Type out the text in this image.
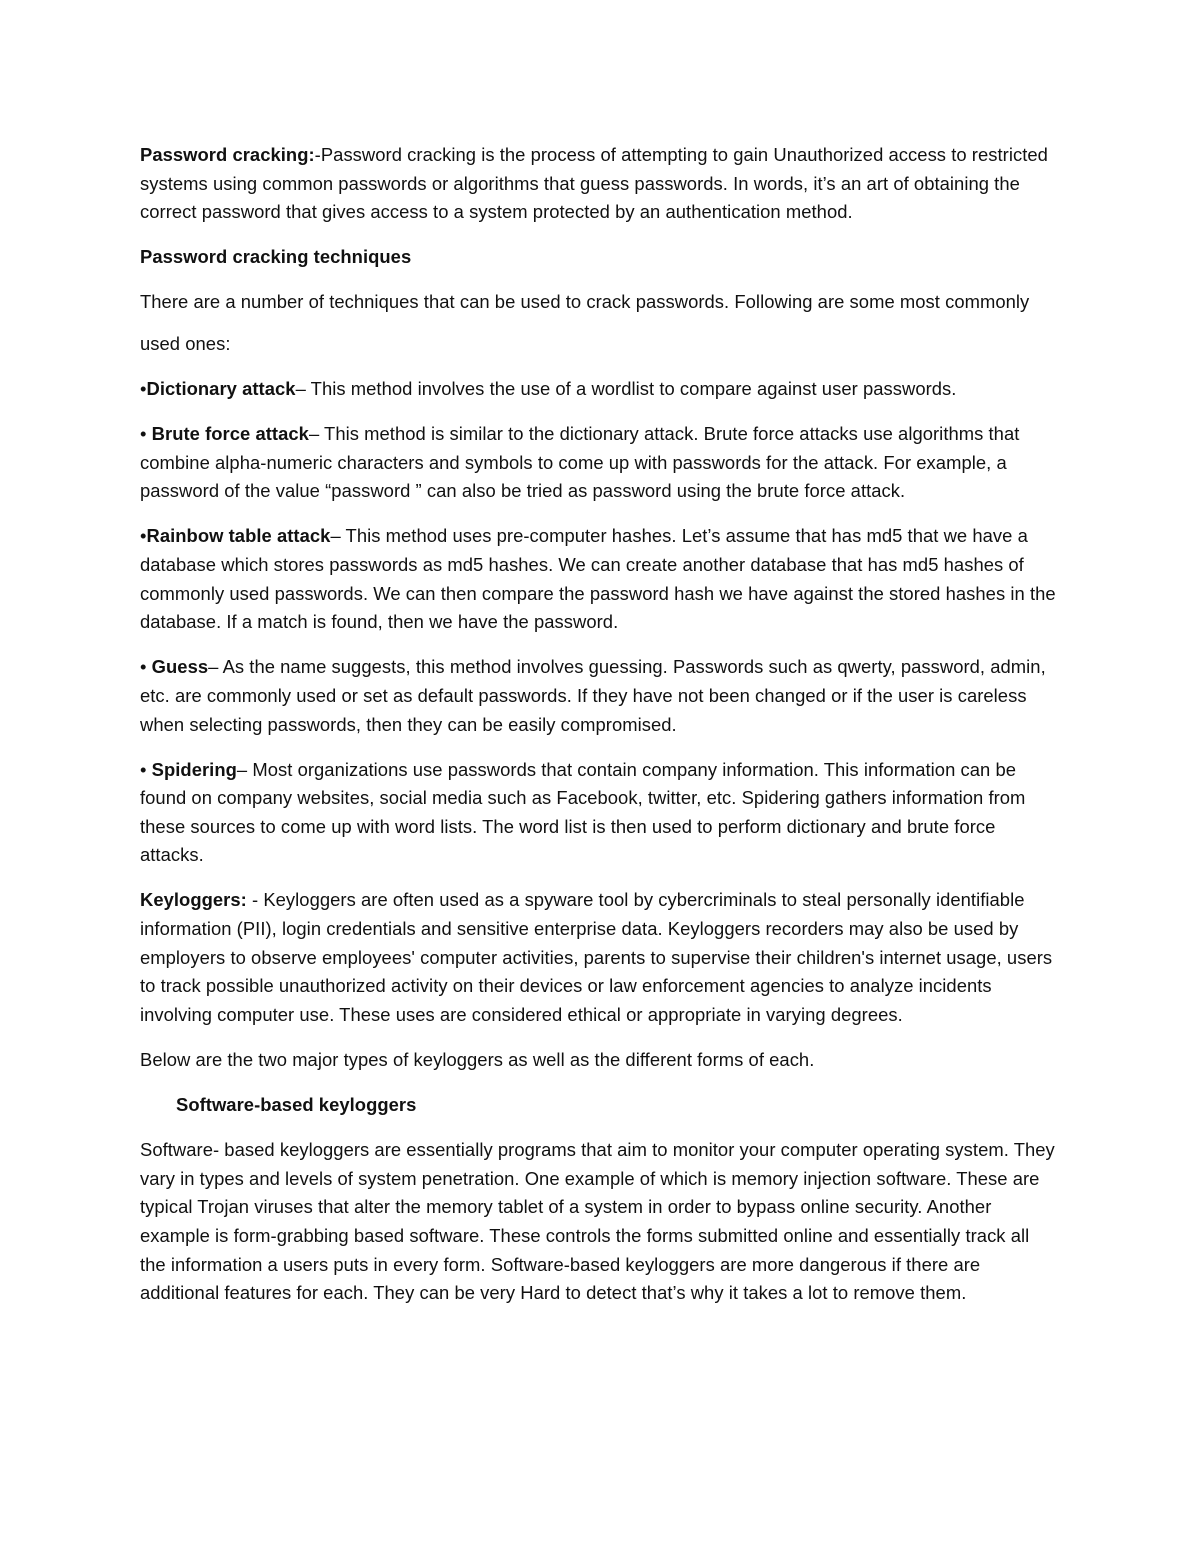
Password cracking:-Password cracking is the process of attempting to gain Unauthorized access to restricted systems using common passwords or algorithms that guess passwords. In words, it’s an art of obtaining the correct password that gives access to a system protected by an authentication method.

Password cracking techniques

There are a number of techniques that can be used to crack passwords. Following are some most commonly

used ones:

•Dictionary attack– This method involves the use of a wordlist to compare against user passwords.

• Brute force attack– This method is similar to the dictionary attack. Brute force attacks use algorithms that combine alpha-numeric characters and symbols to come up with passwords for the attack. For example, a password of the value “password ” can also be tried as password using the brute force attack.

•Rainbow table attack– This method uses pre-computer hashes. Let’s assume that has md5 that we have a database which stores passwords as md5 hashes. We can create another database that has md5 hashes of commonly used passwords. We can then compare the password hash we have against the stored hashes in the database. If a match is found, then we have the password.

• Guess– As the name suggests, this method involves guessing. Passwords such as qwerty, password, admin, etc. are commonly used or set as default passwords. If they have not been changed or if the user is careless when selecting passwords, then they can be easily compromised.

• Spidering– Most organizations use passwords that contain company information. This information can be found on company websites, social media such as Facebook, twitter, etc. Spidering gathers information from these sources to come up with word lists. The word list is then used to perform dictionary and brute force attacks.

Keyloggers: - Keyloggers are often used as a spyware tool by cybercriminals to steal personally identifiable information (PII), login credentials and sensitive enterprise data. Keyloggers recorders may also be used by employers to observe employees' computer activities, parents to supervise their children's internet usage, users to track possible unauthorized activity on their devices or law enforcement agencies to analyze incidents involving computer use. These uses are considered ethical or appropriate in varying degrees.

Below are the two major types of keyloggers as well as the different forms of each.

Software-based keyloggers

Software- based keyloggers are essentially programs that aim to monitor your computer operating system. They vary in types and levels of system penetration. One example of which is memory injection software. These are typical Trojan viruses that alter the memory tablet of a system in order to bypass online security. Another example is form-grabbing based software. These controls the forms submitted online and essentially track all the information a users puts in every form. Software-based keyloggers are more dangerous if there are additional features for each. They can be very Hard to detect that’s why it takes a lot to remove them.
